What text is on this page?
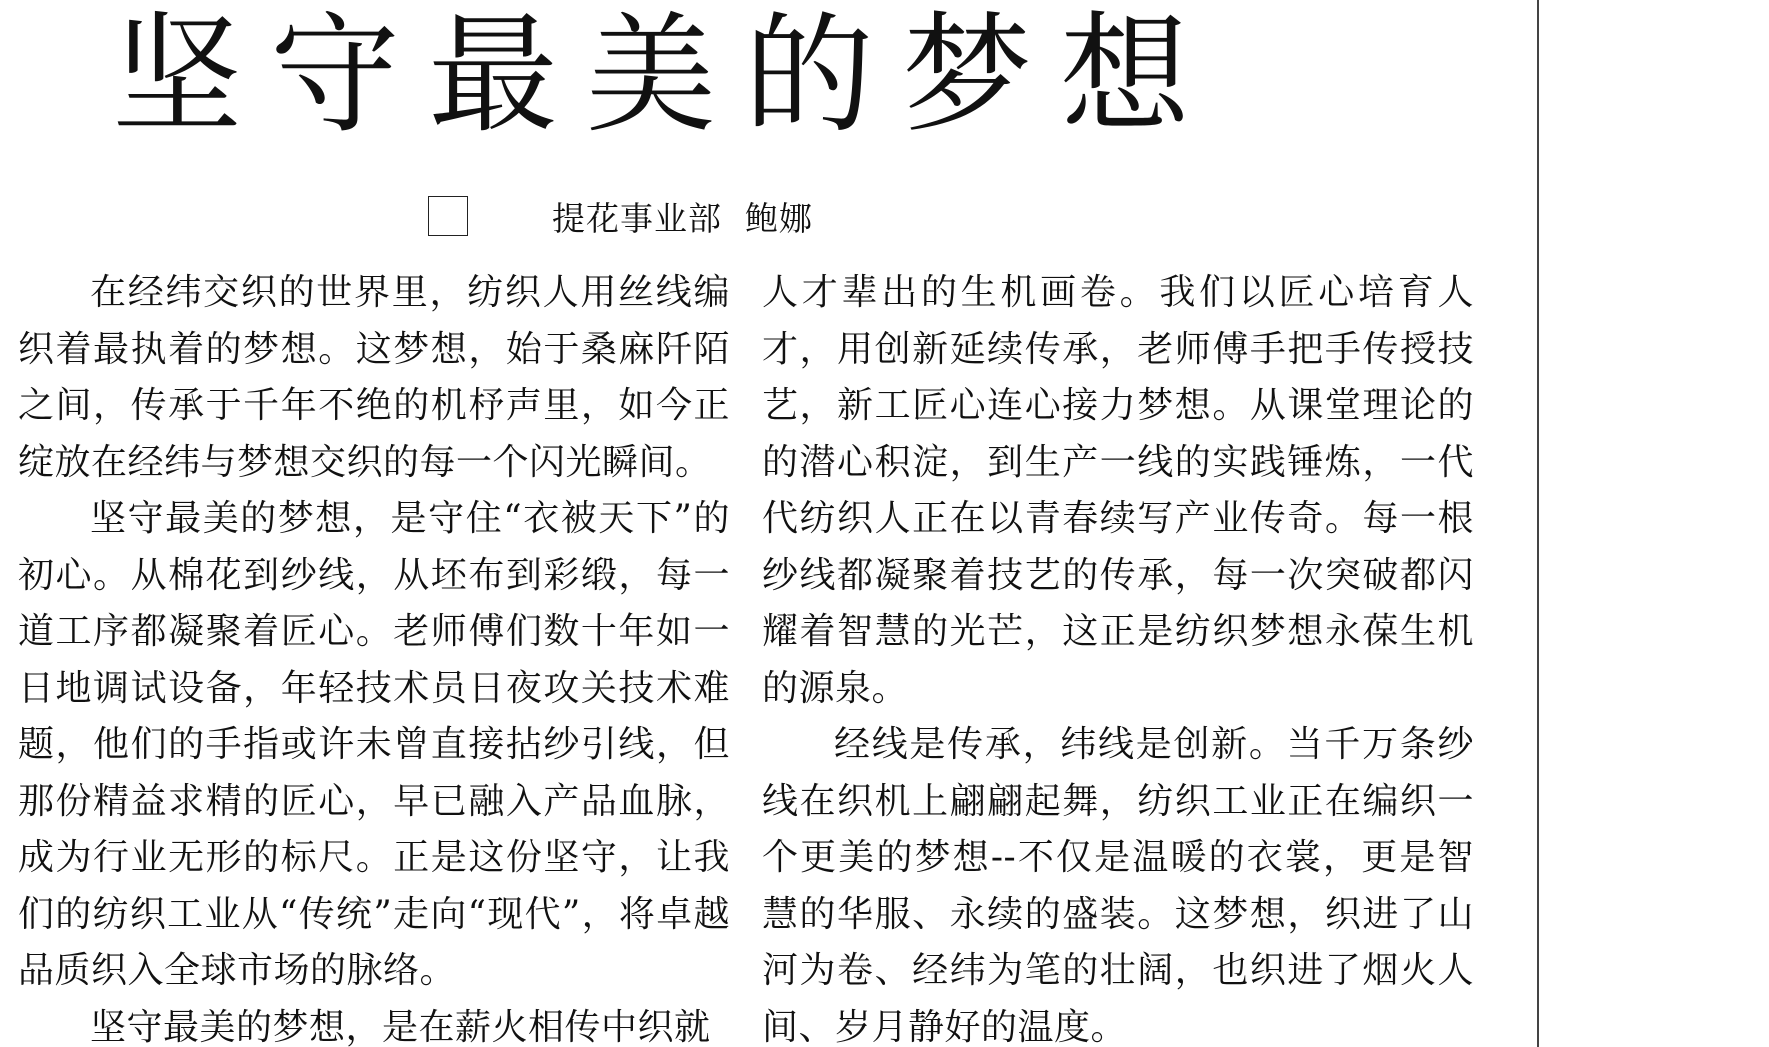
坚守最美的梦想
提花事业部  鲍娜

在经纬交织的世界里，纺织人用丝线编织着最执着的梦想。这梦想，始于桑麻阡陌之间，传承于千年不绝的机杼声里，如今正绽放在经纬与梦想交织的每一个闪光瞬间。

坚守最美的梦想，是守住“衣被天下”的初心。从棉花到纱线，从坯布到彩缎，每一道工序都凝聚着匠心。老师傅们数十年如一日地调试设备，年轻技术员日夜攻关技术难题，他们的手指或许未曾直接拈纱引线，但那份精益求精的匠心，早已融入产品血脉，成为行业无形的标尺。正是这份坚守，让我们的纺织工业从“传统”走向“现代”，将卓越品质织入全球市场的脉络。

坚守最美的梦想，是在薪火相传中织就

人才辈出的生机画卷。我们以匠心培育人才，用创新延续传承，老师傅手把手传授技艺，新工匠心连心接力梦想。从课堂理论的的潜心积淀，到生产一线的实践锤炼，一代代纺织人正在以青春续写产业传奇。每一根纱线都凝聚着技艺的传承，每一次突破都闪耀着智慧的光芒，这正是纺织梦想永葆生机的源泉。

经线是传承，纬线是创新。当千万条纱线在织机上翩翩起舞，纺织工业正在编织一个更美的梦想--不仅是温暖的衣裳，更是智慧的华服、永续的盛装。这梦想，织进了山河为卷、经纬为笔的壮阔，也织进了烟火人间、岁月静好的温度。
